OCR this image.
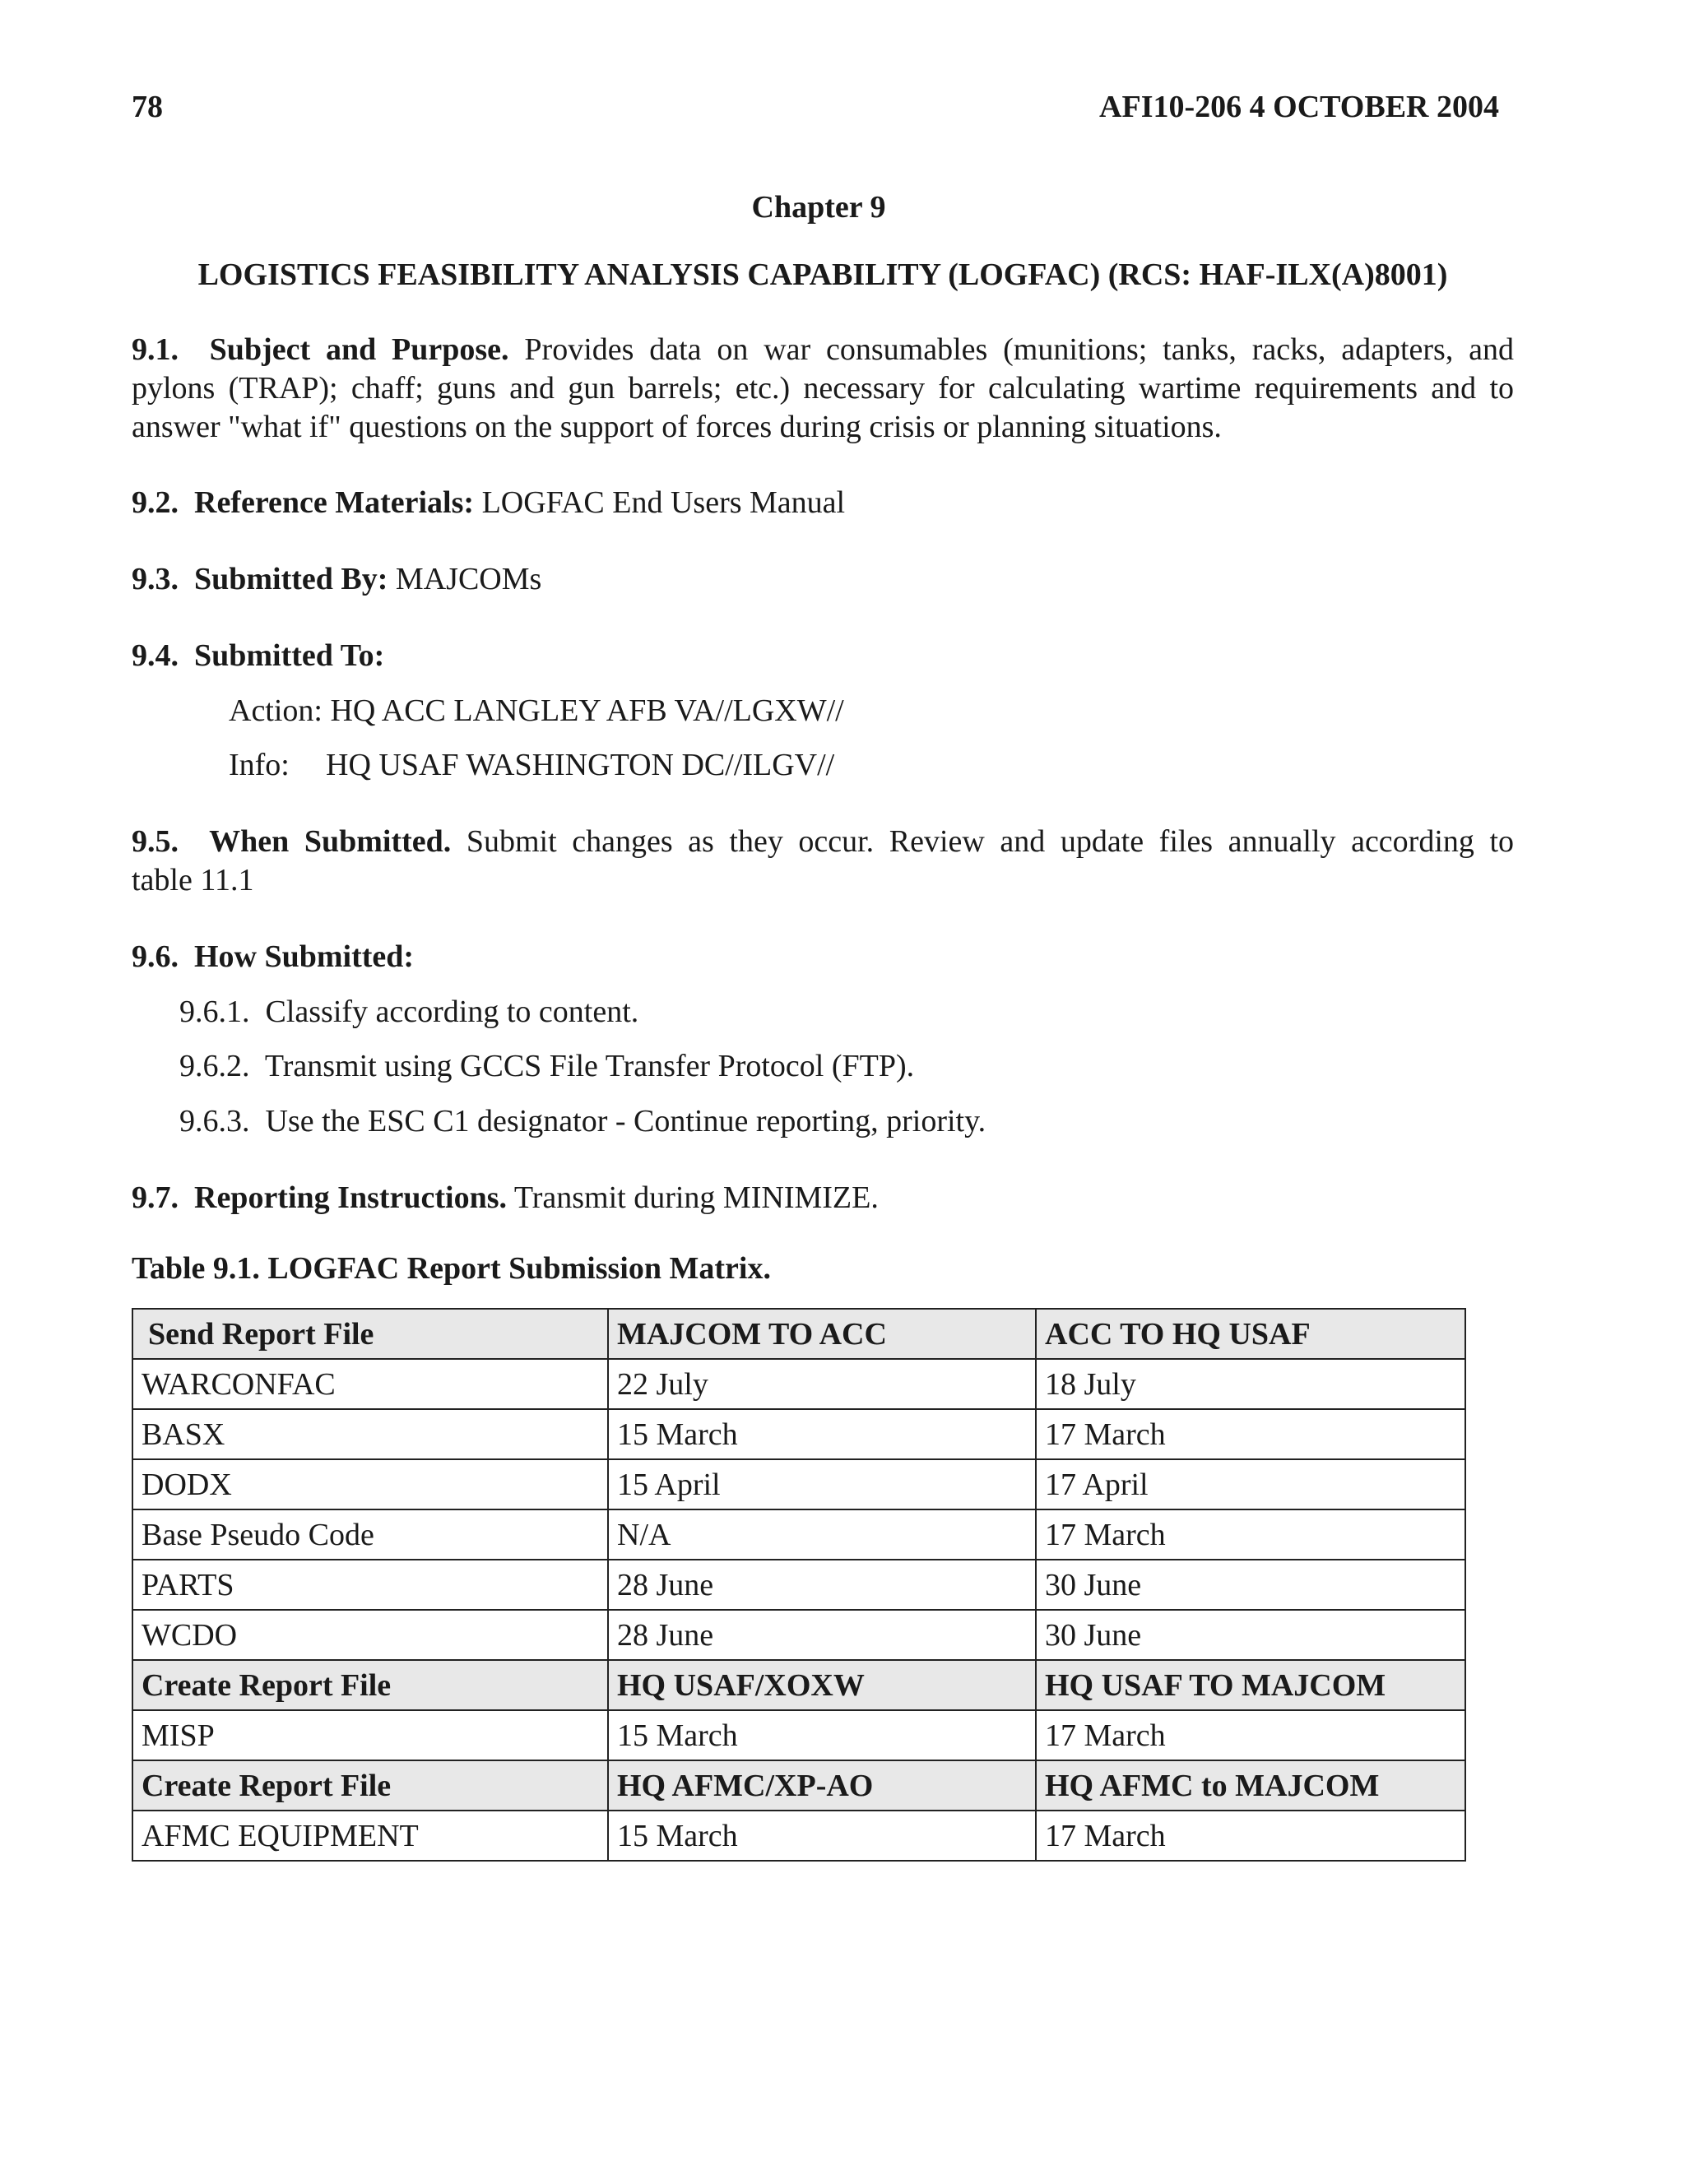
78	AFI10-206 4 OCTOBER 2004
Chapter 9
LOGISTICS FEASIBILITY ANALYSIS CAPABILITY (LOGFAC) (RCS: HAF-ILX(A)8001)
9.1. Subject and Purpose. Provides data on war consumables (munitions; tanks, racks, adapters, and
pylons (TRAP); chaff; guns and gun barrels; etc.) necessary for calculating wartime requirements and to
answer "what if" questions on the support of forces during crisis or planning situations.
9.2. Reference Materials: LOGFAC End Users Manual
9.3. Submitted By: MAJCOMs
9.4. Submitted To:
Action: HQ ACC LANGLEY AFB VA//LGXW//
Info: HQ USAF WASHINGTON DC//ILGV//
9.5. When Submitted. Submit changes as they occur. Review and update files annually according to
table 11.1
9.6. How Submitted:
9.6.1. Classify according to content.
9.6.2. Transmit using GCCS File Transfer Protocol (FTP).
9.6.3. Use the ESC C1 designator - Continue reporting, priority.
9.7. Reporting Instructions. Transmit during MINIMIZE.
Table 9.1. LOGFAC Report Submission Matrix.
Send Report File	MAJCOM TO ACC	ACC TO HQ USAF
WARCONFAC	22 July	18 July
BASX	15 March	17 March
DODX	15 April	17 April
Base Pseudo Code	N/A	17 March
PARTS	28 June	30 June
WCDO	28 June	30 June
Create Report File	HQ USAF/XOXW	HQ USAF TO MAJCOM
MISP	15 March	17 March
Create Report File	HQ AFMC/XP-AO	HQ AFMC to MAJCOM
AFMC EQUIPMENT	15 March	17 March
